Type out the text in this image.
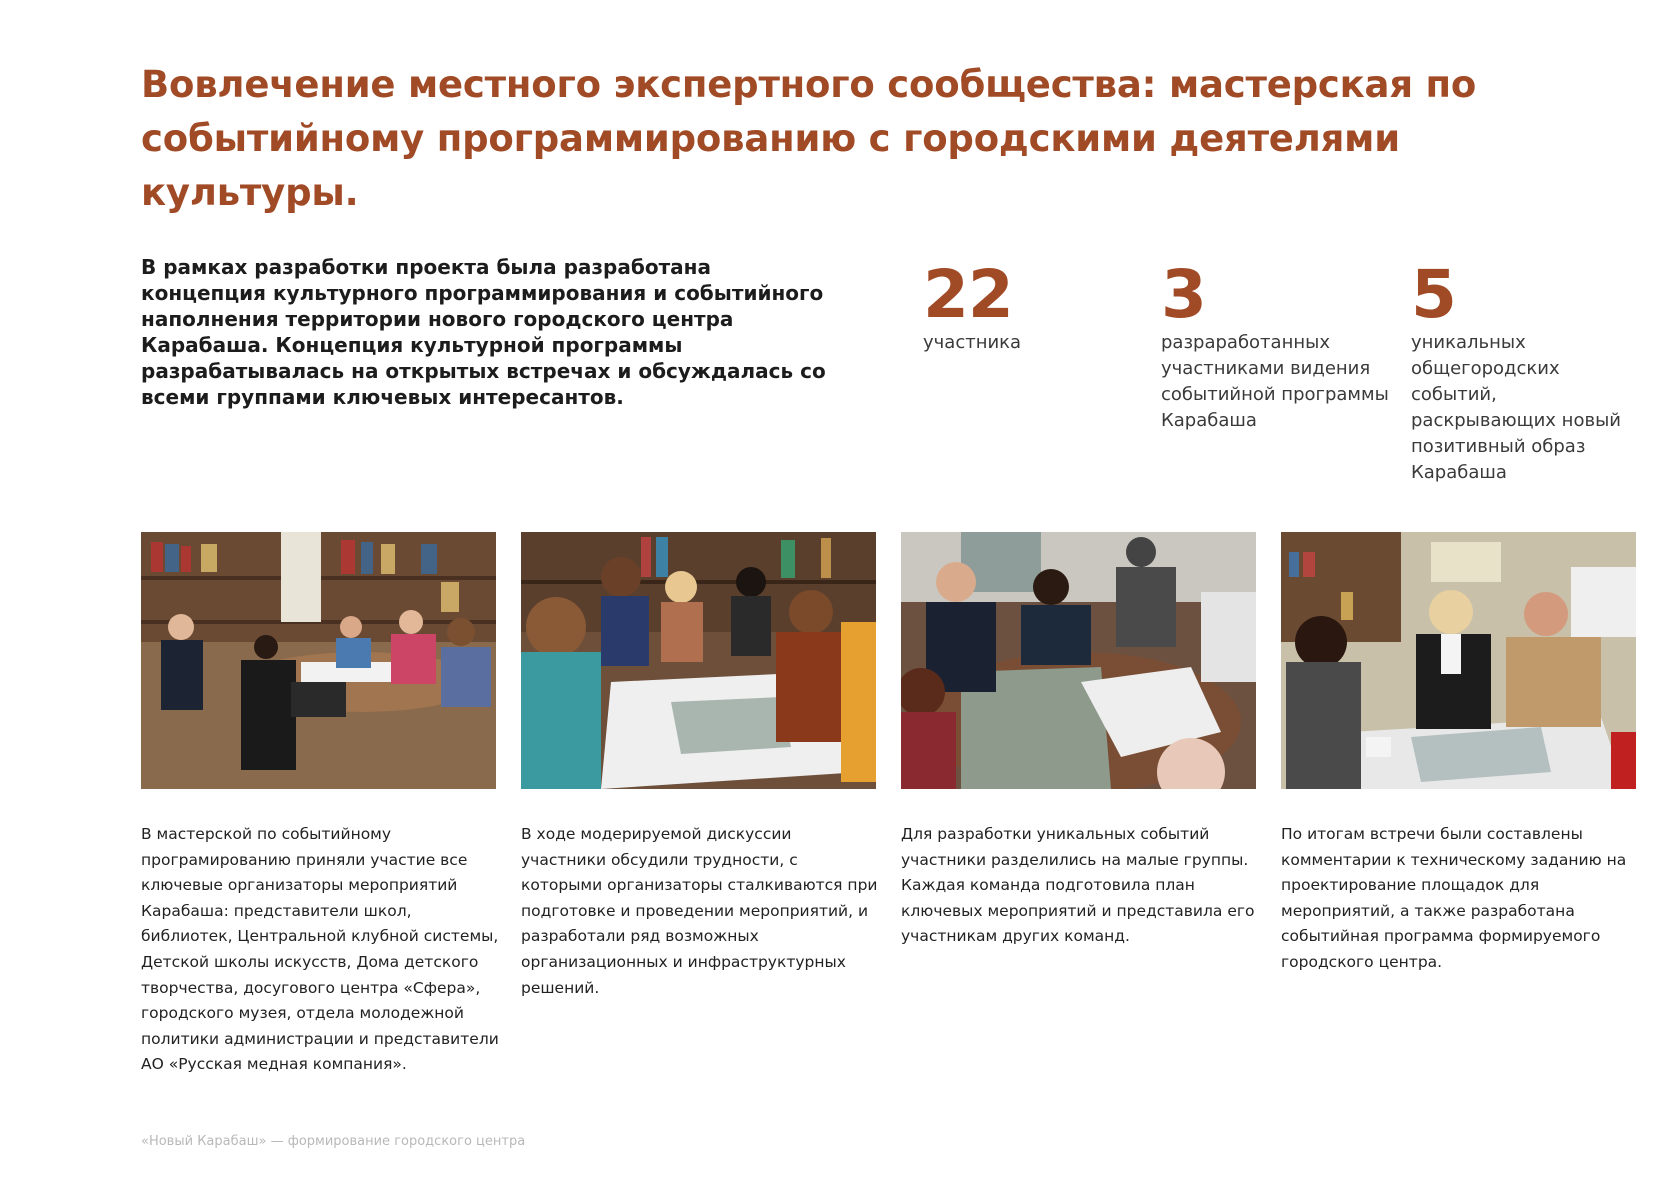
Вовлечение местного экспертного сообщества: мастерская по событийному программированию с городскими деятелями культуры.

В рамках разработки проекта была разработана концепция культурного программирования и событийного наполнения территории нового городского центра Карабаша. Концепция культурной программы разрабатывалась на открытых встречах и обсуждалась со всеми группами ключевых интересантов.

22
участника
3
разраработанных участниками видения событийной программы Карабаша
5
уникальных общегородских событий, раскрывающих новый позитивный образ Карабаша

В мастерской по событийному програмированию приняли участие все ключевые организаторы мероприятий Карабаша: представители школ, библиотек, Центральной клубной системы, Детской школы искусств, Дома детского творчества, досугового центра «Сфера», городского музея, отдела молодежной политики администрации и представители АО «Русская медная компания».

В ходе модерируемой дискуссии участники обсудили трудности, с которыми организаторы сталкиваются при подготовке и проведении мероприятий, и разработали ряд возможных организационных и инфраструктурных решений.

Для разработки уникальных событий участники разделились на малые группы. Каждая команда подготовила план ключевых мероприятий и представила его участникам других команд.

По итогам встречи были составлены комментарии к техническому заданию на проектирование площадок для мероприятий, а также разработана событийная программа формируемого городского центра.

«Новый Карабаш» — формирование городского центра
